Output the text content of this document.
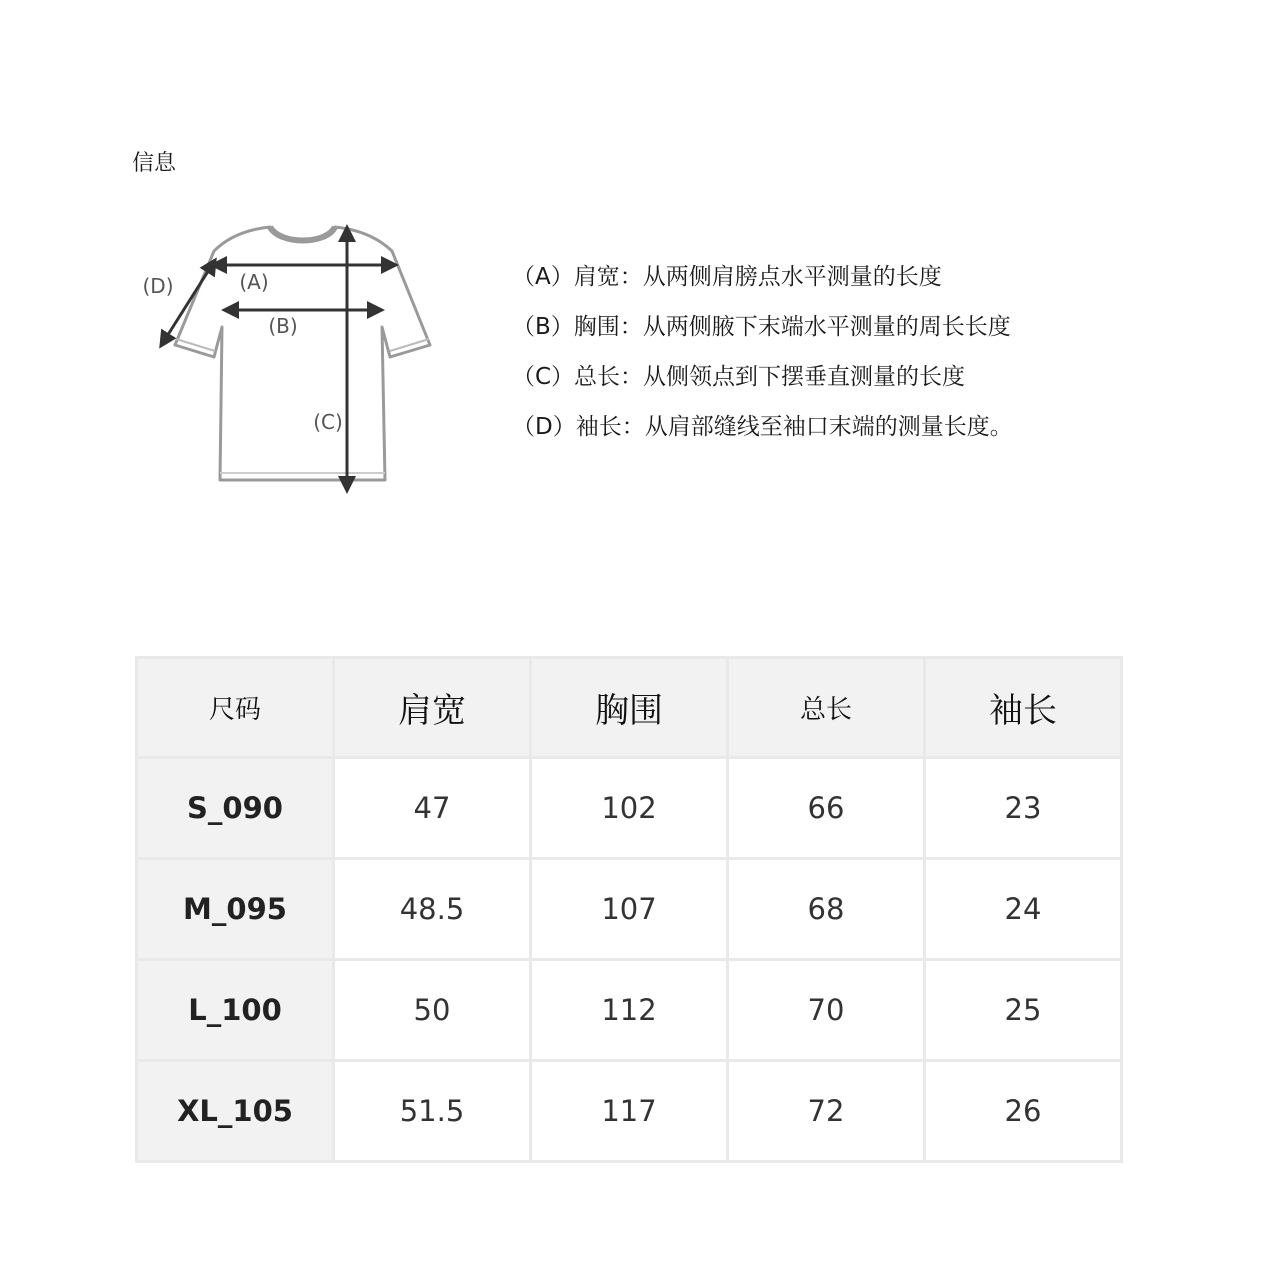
信息
(A)
(B)
(C)
(D)	（A）肩宽：从两侧肩膀点水平测量的长度
（B）胸围：从两侧腋下末端水平测量的周长长度
（C）总长：从侧领点到下摆垂直测量的长度
（D）袖长：从肩部缝线至袖口末端的测量长度。
尺码	肩宽	胸围	总长	袖长
S_090	47	102	66	23
M_095	48.5	107	68	24
L_100	50	112	70	25
XL_105	51.5	117	72	26
